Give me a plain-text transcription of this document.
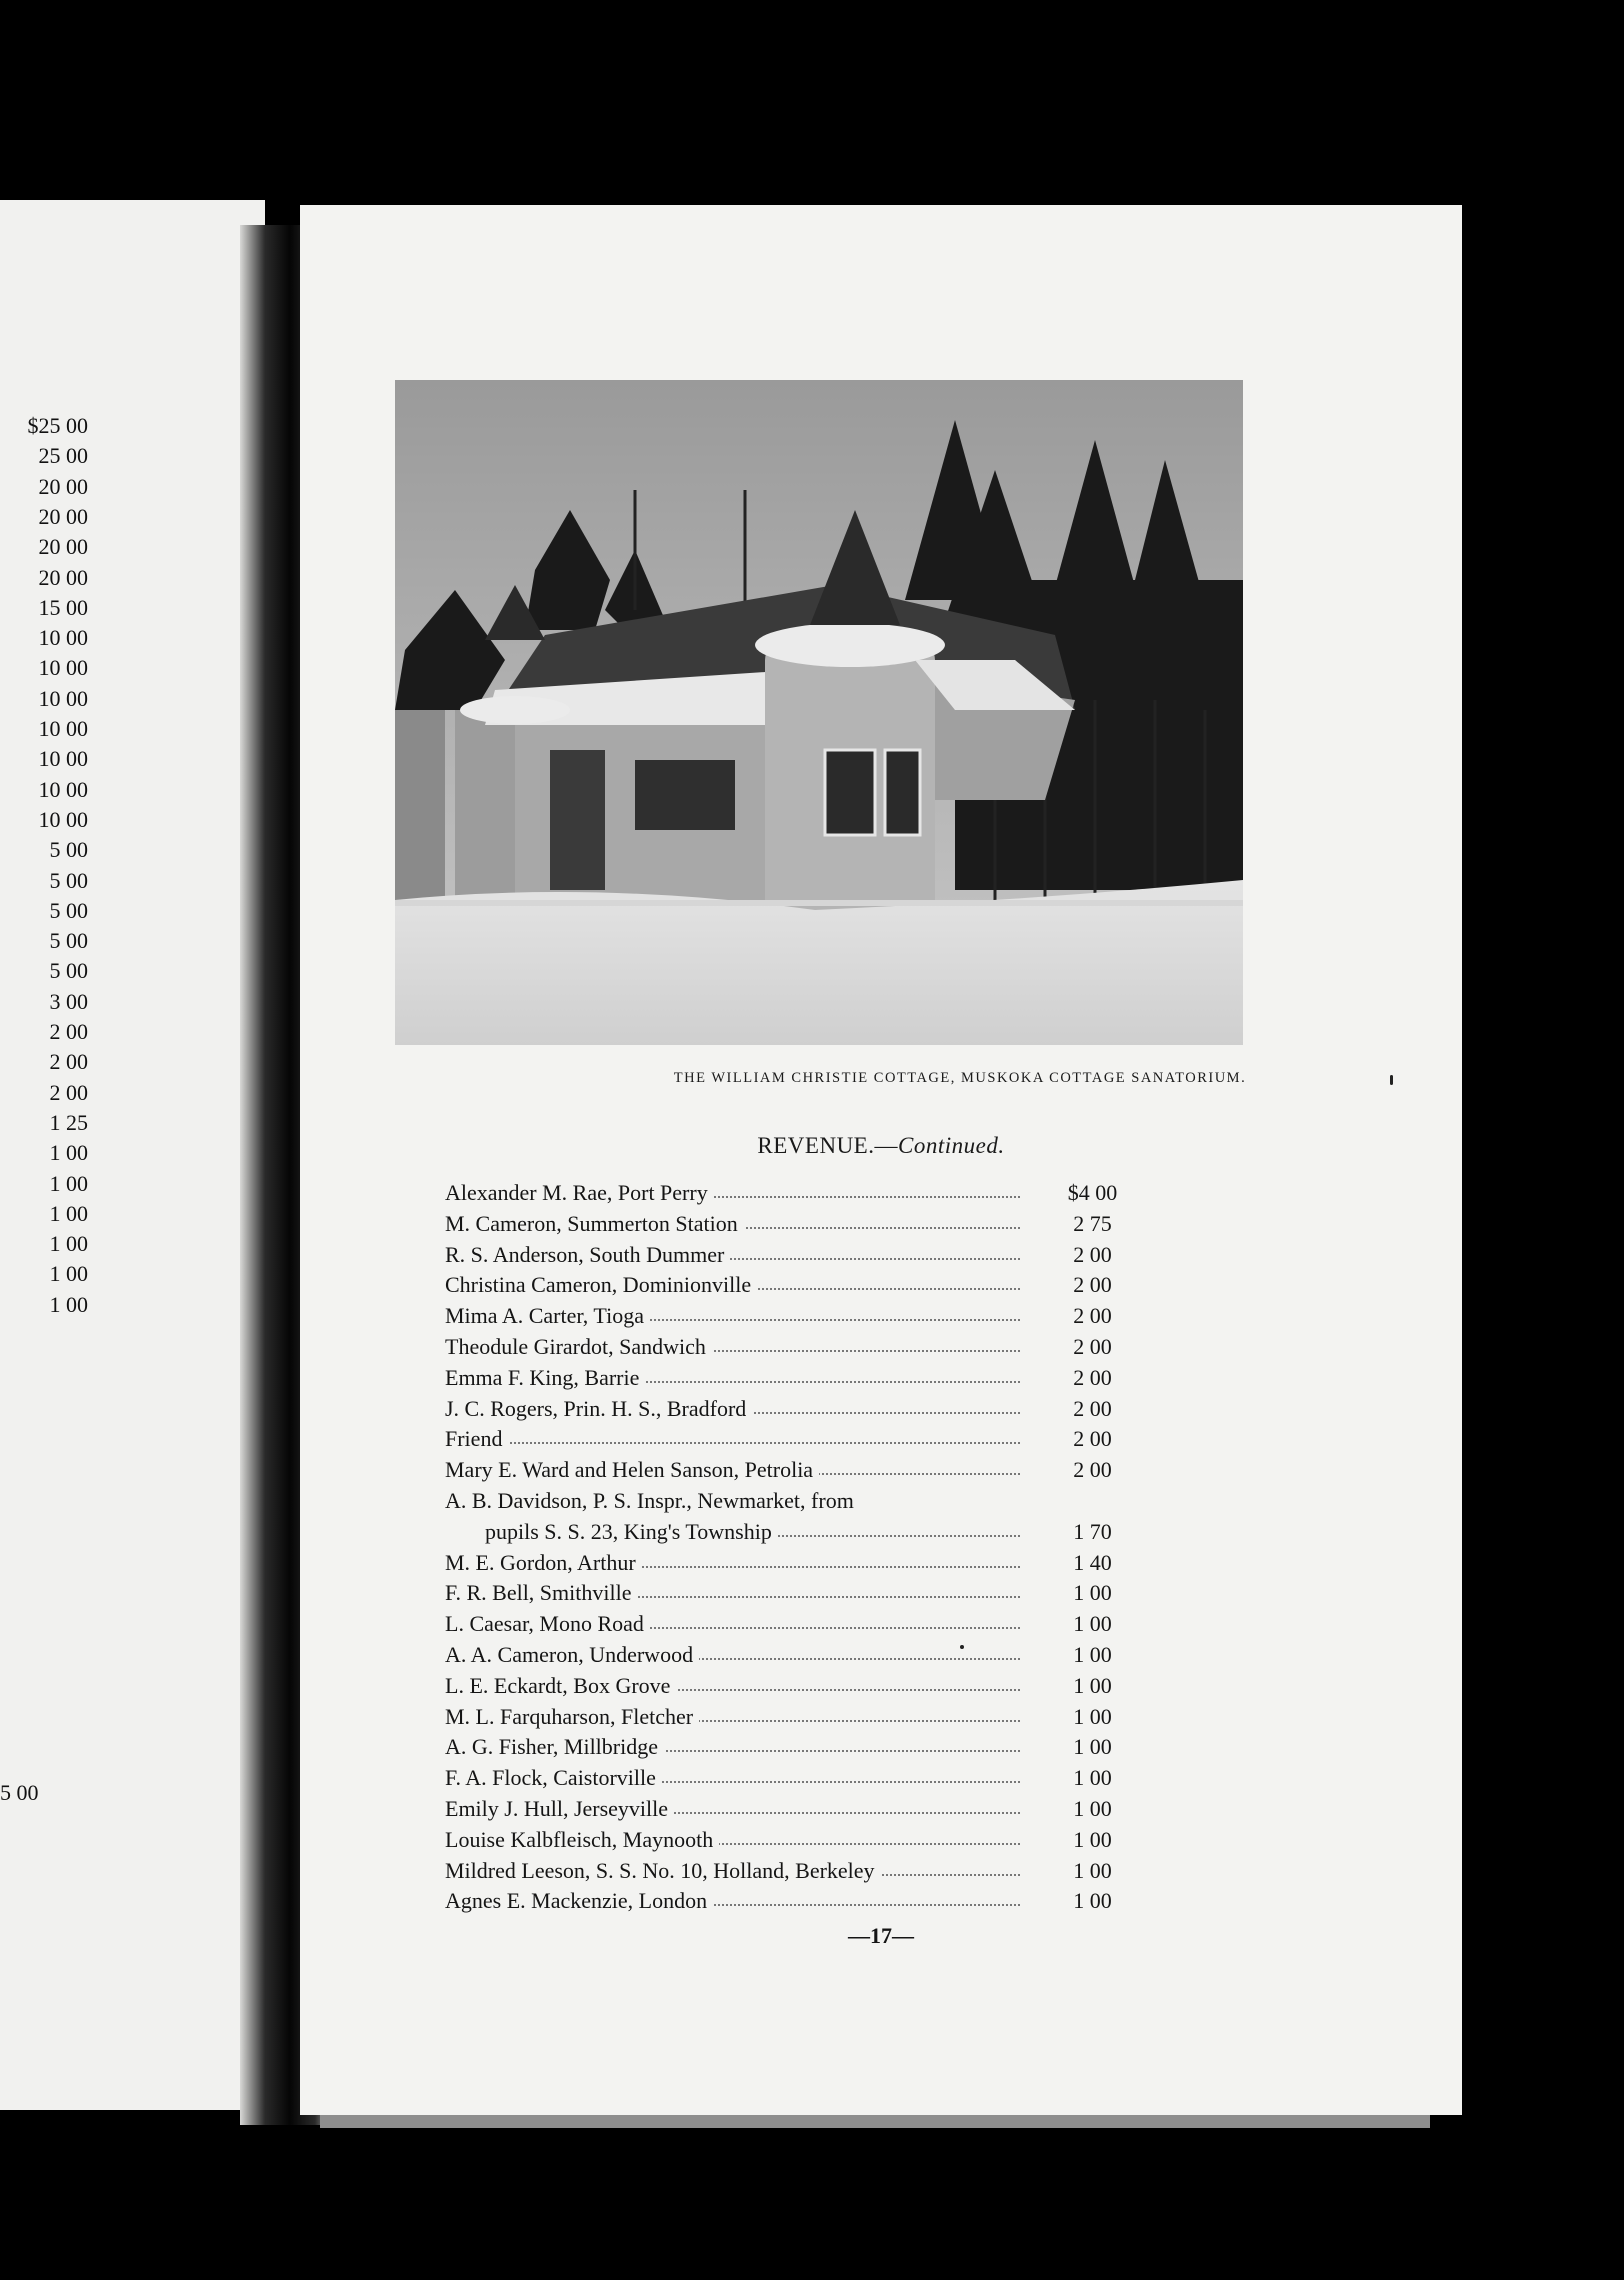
$25 00
25 00
20 00
20 00
20 00
20 00
15 00
10 00
10 00
10 00
10 00
10 00
10 00
10 00
5 00
5 00
5 00
5 00
5 00
3 00
2 00
2 00
2 00
1 25
1 00
1 00
1 00
1 00
1 00
1 00
5 00
THE WILLIAM CHRISTIE COTTAGE, MUSKOKA COTTAGE SANATORIUM.
REVENUE.—Continued.
Alexander M. Rae, Port Perry	$4 00
M. Cameron, Summerton Station	2 75
R. S. Anderson, South Dummer	2 00
Christina Cameron, Dominionville	2 00
Mima A. Carter, Tioga	2 00
Theodule Girardot, Sandwich	2 00
Emma F. King, Barrie	2 00
J. C. Rogers, Prin. H. S., Bradford	2 00
Friend	2 00
Mary E. Ward and Helen Sanson, Petrolia	2 00
A. B. Davidson, P. S. Inspr., Newmarket, from
pupils S. S. 23, King's Township	1 70
M. E. Gordon, Arthur	1 40
F. R. Bell, Smithville	1 00
L. Caesar, Mono Road	1 00
A. A. Cameron, Underwood	1 00
L. E. Eckardt, Box Grove	1 00
M. L. Farquharson, Fletcher	1 00
A. G. Fisher, Millbridge	1 00
F. A. Flock, Caistorville	1 00
Emily J. Hull, Jerseyville	1 00
Louise Kalbfleisch, Maynooth	1 00
Mildred Leeson, S. S. No. 10, Holland, Berkeley	1 00
Agnes E. Mackenzie, London	1 00
—17—
